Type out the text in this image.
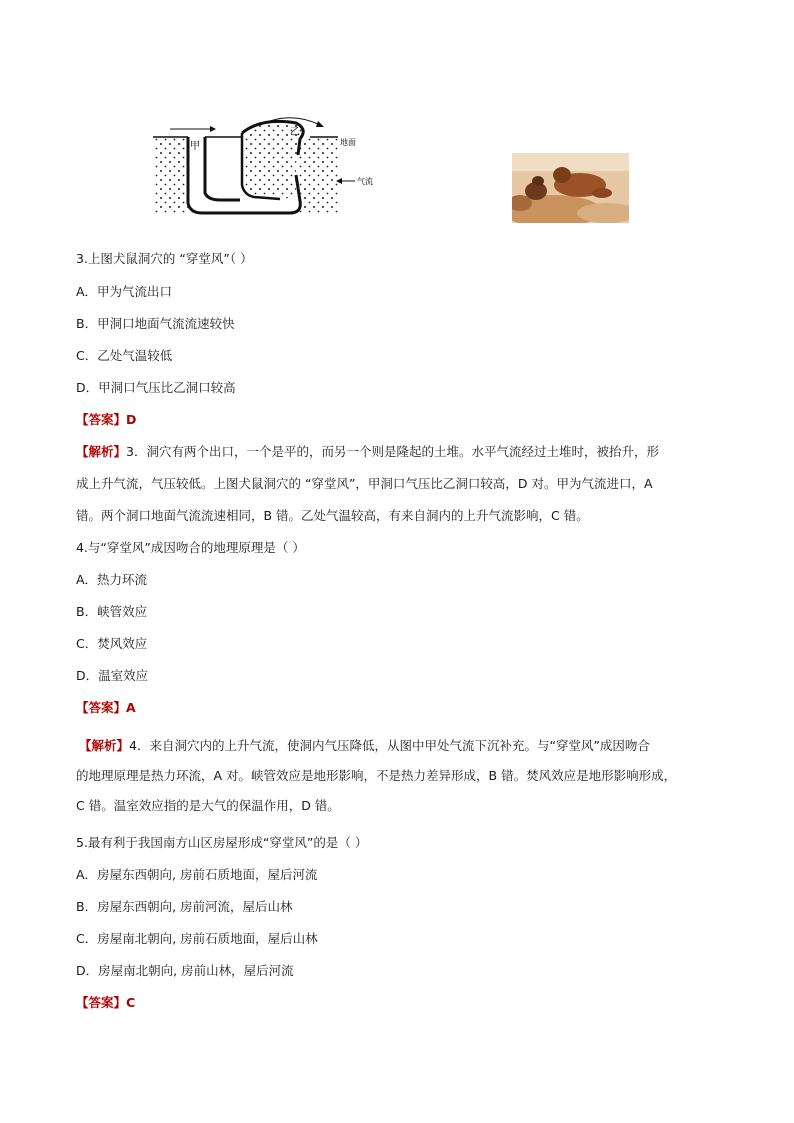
甲
乙
地面
气流
3.上图犬鼠洞穴的 “穿堂风”（ ）
A．甲为气流出口
B．甲洞口地面气流流速较快
C．乙处气温较低
D．甲洞口气压比乙洞口较高
【答案】D
【解析】3．洞穴有两个出口，一个是平的，而另一个则是隆起的土堆。水平气流经过土堆时，被抬升，形
成上升气流，气压较低。上图犬鼠洞穴的 “穿堂风”，甲洞口气压比乙洞口较高，D 对。甲为气流进口，A
错。两个洞口地面气流流速相同，B 错。乙处气温较高，有来自洞内的上升气流影响，C 错。
4.与“穿堂风”成因吻合的地理原理是（ ）
A．热力环流
B．峡管效应
C．焚风效应
D．温室效应
【答案】A
【解析】4．来自洞穴内的上升气流，使洞内气压降低，从图中甲处气流下沉补充。与“穿堂风”成因吻合
的地理原理是热力环流，A 对。峡管效应是地形影响，不是热力差异形成，B 错。焚风效应是地形影响形成，
C 错。温室效应指的是大气的保温作用，D 错。
5.最有利于我国南方山区房屋形成“穿堂风”的是（ ）
A．房屋东西朝向, 房前石质地面，屋后河流
B．房屋东西朝向, 房前河流，屋后山林
C．房屋南北朝向, 房前石质地面，屋后山林
D．房屋南北朝向, 房前山林，屋后河流
【答案】C
